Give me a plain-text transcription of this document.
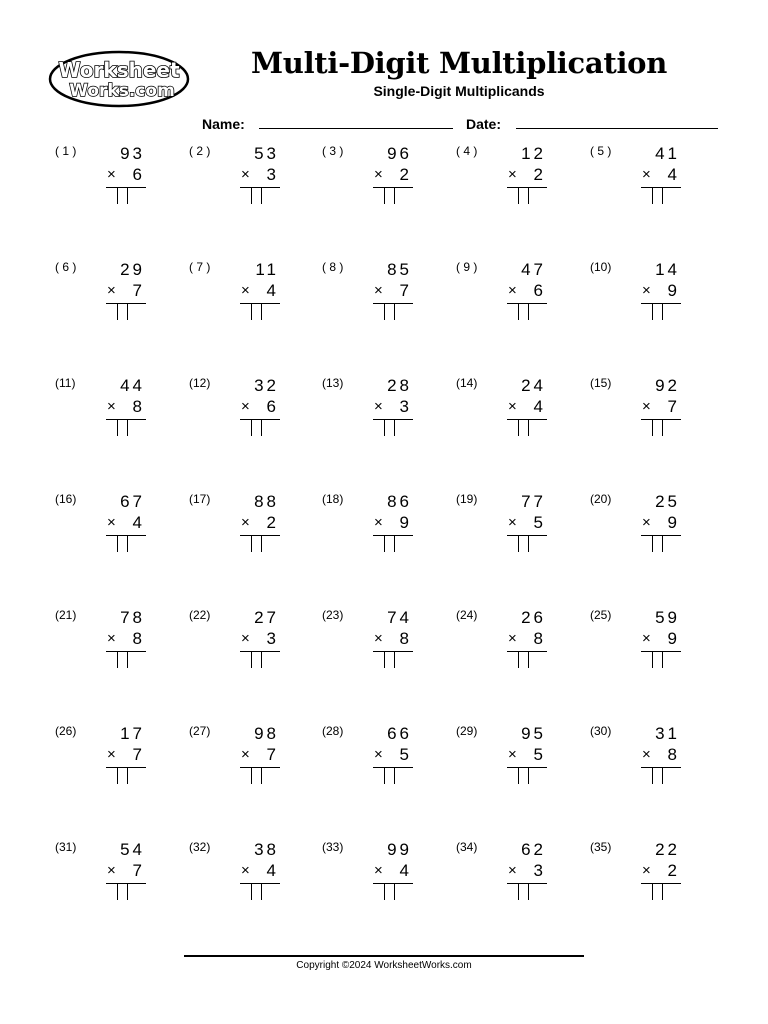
Worksheet
Works.com
Multi-Digit Multiplication
Single-Digit Multiplicands
Name:	Date:
( 1 )	93
× 6
( 2 )	53
× 3
( 3 )	96
× 2
( 4 )	12
× 2
( 5 )	41
× 4
( 6 )	29
× 7
( 7 )	11
× 4
( 8 )	85
× 7
( 9 )	47
× 6
(10)	14
× 9
(11)	44
× 8
(12)	32
× 6
(13)	28
× 3
(14)	24
× 4
(15)	92
× 7
(16)	67
× 4
(17)	88
× 2
(18)	86
× 9
(19)	77
× 5
(20)	25
× 9
(21)	78
× 8
(22)	27
× 3
(23)	74
× 8
(24)	26
× 8
(25)	59
× 9
(26)	17
× 7
(27)	98
× 7
(28)	66
× 5
(29)	95
× 5
(30)	31
× 8
(31)	54
× 7
(32)	38
× 4
(33)	99
× 4
(34)	62
× 3
(35)	22
× 2
Copyright ©2024 WorksheetWorks.com
